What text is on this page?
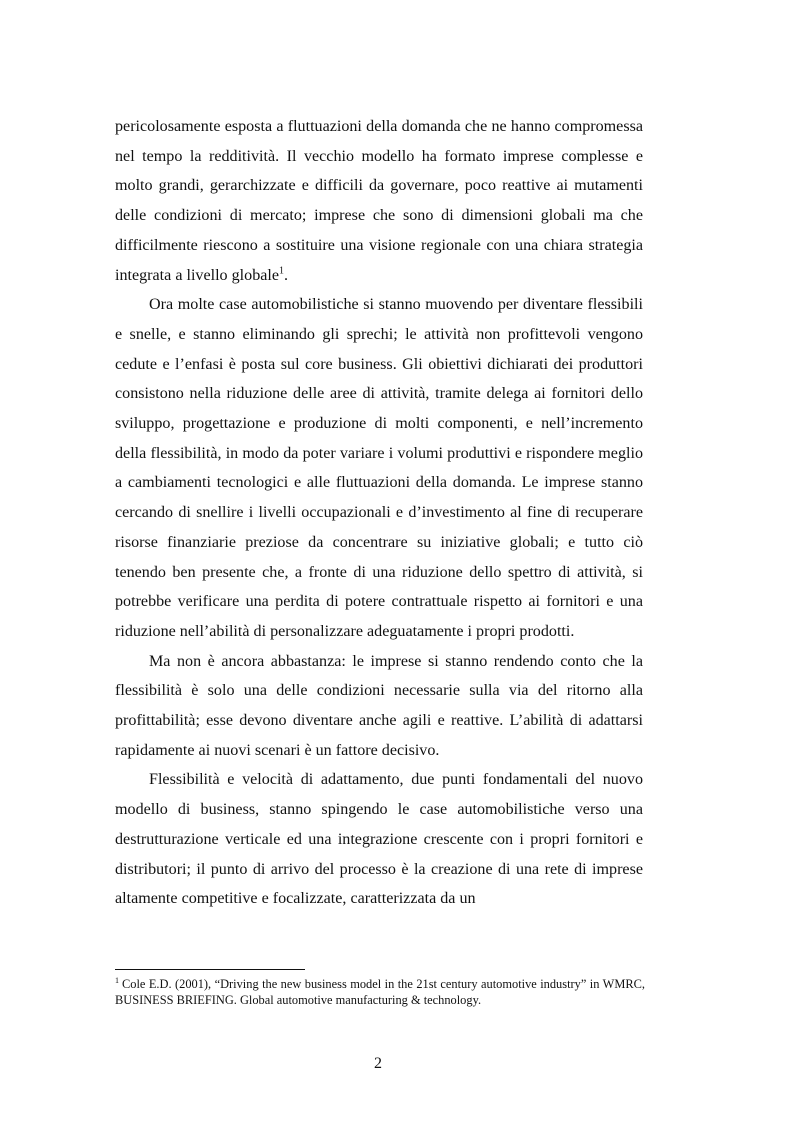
pericolosamente esposta a fluttuazioni della domanda che ne hanno compromessa nel tempo la redditività. Il vecchio modello ha formato imprese complesse e molto grandi, gerarchizzate e difficili da governare, poco reattive ai mutamenti delle condizioni di mercato; imprese che sono di dimensioni globali ma che difficilmente riescono a sostituire una visione regionale con una chiara strategia integrata a livello globale$^1$.

Ora molte case automobilistiche si stanno muovendo per diventare flessibili e snelle, e stanno eliminando gli sprechi; le attività non profittevoli vengono cedute e l’enfasi è posta sul core business. Gli obiettivi dichiarati dei produttori consistono nella riduzione delle aree di attività, tramite delega ai fornitori dello sviluppo, progettazione e produzione di molti componenti, e nell’incremento della flessibilità, in modo da poter variare i volumi produttivi e rispondere meglio a cambiamenti tecnologici e alle fluttuazioni della domanda. Le imprese stanno cercando di snellire i livelli occupazionali e d’investimento al fine di recuperare risorse finanziarie preziose da concentrare su iniziative globali; e tutto ciò tenendo ben presente che, a fronte di una riduzione dello spettro di attività, si potrebbe verificare una perdita di potere contrattuale rispetto ai fornitori e una riduzione nell’abilità di personalizzare adeguatamente i propri prodotti.

Ma non è ancora abbastanza: le imprese si stanno rendendo conto che la flessibilità è solo una delle condizioni necessarie sulla via del ritorno alla profittabilità; esse devono diventare anche agili e reattive. L’abilità di adattarsi rapidamente ai nuovi scenari è un fattore decisivo.

Flessibilità e velocità di adattamento, due punti fondamentali del nuovo modello di business, stanno spingendo le case automobilistiche verso una destrutturazione verticale ed una integrazione crescente con i propri fornitori e distributori; il punto di arrivo del processo è la creazione di una rete di imprese altamente competitive e focalizzate, caratterizzata da un

$^1$ Cole E.D. (2001), “Driving the new business model in the 21st century automotive industry” in WMRC, BUSINESS BRIEFING. Global automotive manufacturing & technology.
2
